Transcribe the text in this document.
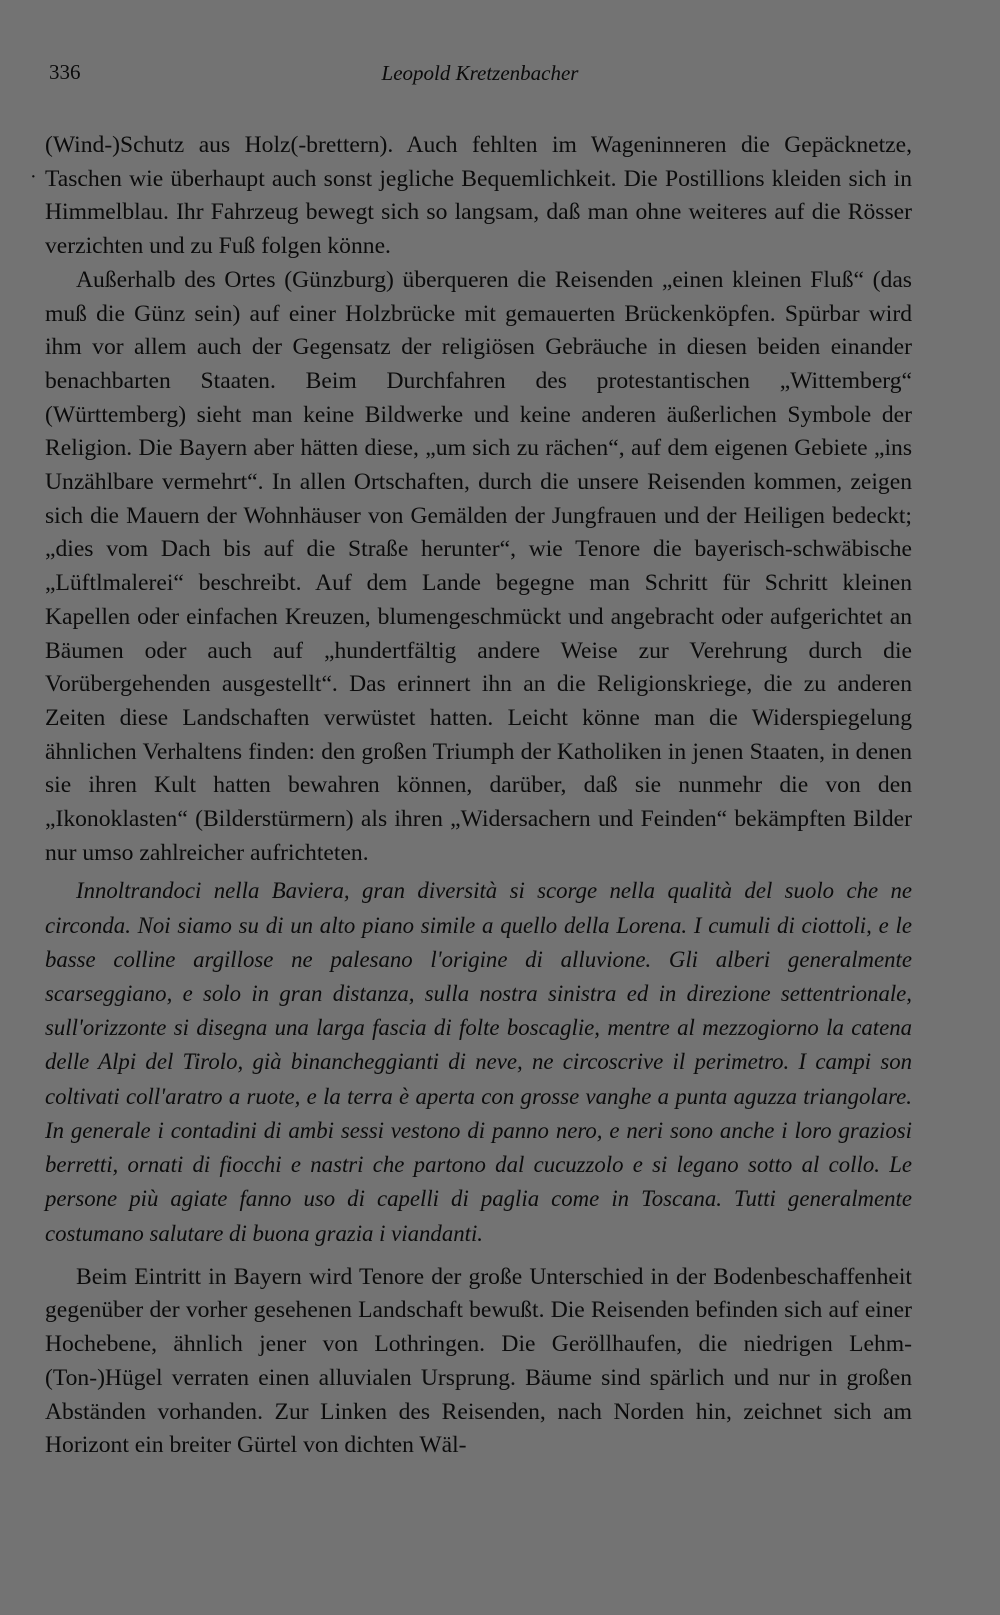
336	Leopold Kretzenbacher
·

(Wind-)Schutz aus Holz(-brettern). Auch fehlten im Wageninneren die Gepäcknetze, Taschen wie überhaupt auch sonst jegliche Bequemlichkeit. Die Postillions kleiden sich in Himmelblau. Ihr Fahrzeug bewegt sich so langsam, daß man ohne weiteres auf die Rösser verzichten und zu Fuß folgen könne.

Außerhalb des Ortes (Günzburg) überqueren die Reisenden „einen kleinen Fluß“ (das muß die Günz sein) auf einer Holzbrücke mit gemauerten Brückenköpfen. Spürbar wird ihm vor allem auch der Gegensatz der religiösen Gebräuche in diesen beiden einander benachbarten Staaten. Beim Durchfahren des protestantischen „Wittemberg“ (Württemberg) sieht man keine Bildwerke und keine anderen äußerlichen Symbole der Religion. Die Bayern aber hätten diese, „um sich zu rächen“, auf dem eigenen Gebiete „ins Unzählbare vermehrt“. In allen Ortschaften, durch die unsere Reisenden kommen, zeigen sich die Mauern der Wohnhäuser von Gemälden der Jungfrauen und der Heiligen bedeckt; „dies vom Dach bis auf die Straße herunter“, wie Tenore die bayerisch-schwäbische „Lüftlmalerei“ beschreibt. Auf dem Lande begegne man Schritt für Schritt kleinen Kapellen oder einfachen Kreuzen, blumengeschmückt und angebracht oder aufgerichtet an Bäumen oder auch auf „hundertfältig andere Weise zur Verehrung durch die Vorübergehenden ausgestellt“. Das erinnert ihn an die Religionskriege, die zu anderen Zeiten diese Landschaften verwüstet hatten. Leicht könne man die Widerspiegelung ähnlichen Verhaltens finden: den großen Triumph der Katholiken in jenen Staaten, in denen sie ihren Kult hatten bewahren können, darüber, daß sie nunmehr die von den „Ikonoklasten“ (Bilderstürmern) als ihren „Widersachern und Feinden“ bekämpften Bilder nur umso zahlreicher aufrichteten.

Innoltrandoci nella Baviera, gran diversità si scorge nella qualità del suolo che ne circonda. Noi siamo su di un alto piano simile a quello della Lorena. I cumuli di ciottoli, e le basse colline argillose ne palesano l'origine di alluvione. Gli alberi generalmente scarseggiano, e solo in gran distanza, sulla nostra sinistra ed in direzione settentrionale, sull'orizzonte si disegna una larga fascia di folte boscaglie, mentre al mezzogiorno la catena delle Alpi del Tirolo, già binancheggianti di neve, ne circoscrive il perimetro. I campi son coltivati coll'aratro a ruote, e la terra è aperta con grosse vanghe a punta aguzza triangolare. In generale i contadini di ambi sessi vestono di panno nero, e neri sono anche i loro graziosi berretti, ornati di fiocchi e nastri che partono dal cucuzzolo e si legano sotto al collo. Le persone più agiate fanno uso di capelli di paglia come in Toscana. Tutti generalmente costumano salutare di buona grazia i viandanti.

Beim Eintritt in Bayern wird Tenore der große Unterschied in der Bodenbeschaffenheit gegenüber der vorher gesehenen Landschaft bewußt. Die Reisenden befinden sich auf einer Hochebene, ähnlich jener von Lothringen. Die Geröllhaufen, die niedrigen Lehm-(Ton-)Hügel verraten einen alluvialen Ursprung. Bäume sind spärlich und nur in großen Abständen vorhanden. Zur Linken des Reisenden, nach Norden hin, zeichnet sich am Horizont ein breiter Gürtel von dichten Wäl-
